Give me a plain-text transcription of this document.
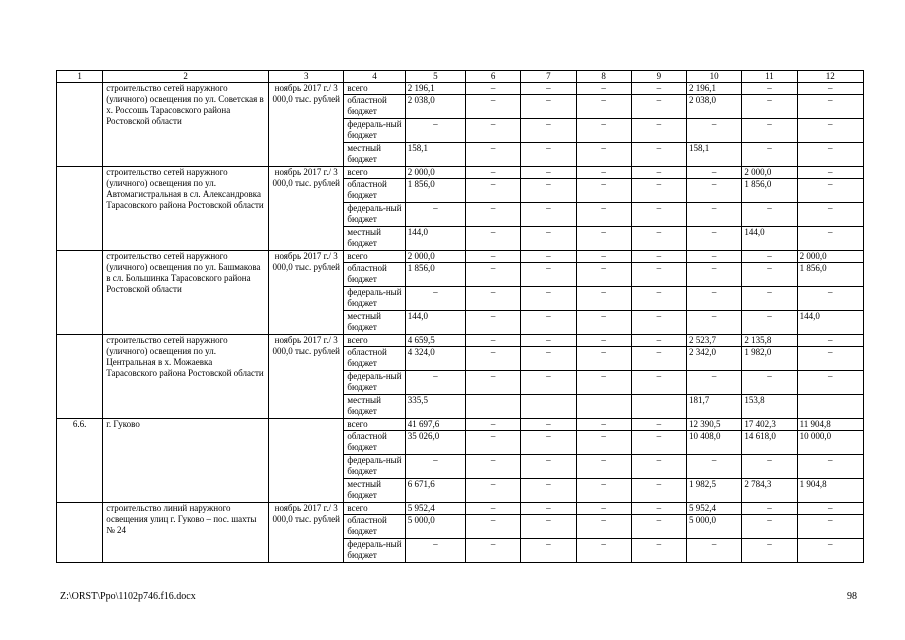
1	2	3	4	5	6	7	8	9	10	11	12
	строительство сетей наружного (уличного) освещения по ул. Советская в х. Россошь Тарасовского района Ростовской области	ноябрь 2017 г./ 3 000,0 тыс. рублей	всего	2 196,1	–	–	–	–	2 196,1	–	–
			областной бюджет	2 038,0	–	–	–	–	2 038,0	–	–
			федераль-ный бюджет	–	–	–	–	–	–	–	–
			местный бюджет	158,1	–	–	–	–	158,1	–	–
	строительство сетей наружного (уличного) освещения по ул. Автомагистральная в сл. Александровка Тарасовского района Ростовской области	ноябрь 2017 г./ 3 000,0 тыс. рублей	всего	2 000,0	–	–	–	–	–	2 000,0	–
			областной бюджет	1 856,0	–	–	–	–	–	1 856,0	–
			федераль-ный бюджет	–	–	–	–	–	–	–	–
			местный бюджет	144,0	–	–	–	–	–	144,0	–
	строительство сетей наружного (уличного) освещения по ул. Башмакова в сл. Большинка Тарасовского района Ростовской области	ноябрь 2017 г./ 3 000,0 тыс. рублей	всего	2 000,0	–	–	–	–	–	–	2 000,0
			областной бюджет	1 856,0	–	–	–	–	–	–	1 856,0
			федераль-ный бюджет	–	–	–	–	–	–	–	–
			местный бюджет	144,0	–	–	–	–	–	–	144,0
	строительство сетей наружного (уличного) освещения по ул. Центральная в х. Можаевка Тарасовского района Ростовской области	ноябрь 2017 г./ 3 000,0 тыс. рублей	всего	4 659,5	–	–	–	–	2 523,7	2 135,8	–
			областной бюджет	4 324,0	–	–	–	–	2 342,0	1 982,0	–
			федераль-ный бюджет	–	–	–	–	–	–	–	–
			местный бюджет	335,5					181,7	153,8	
6.6.	г. Гуково		всего	41 697,6	–	–	–	–	12 390,5	17 402,3	11 904,8
			областной бюджет	35 026,0	–	–	–	–	10 408,0	14 618,0	10 000,0
			федераль-ный бюджет	–	–	–	–	–	–	–	–
			местный бюджет	6 671,6	–	–	–	–	1 982,5	2 784,3	1 904,8
	строительство линий наружного освещения улиц г. Гуково – пос. шахты № 24	ноябрь 2017 г./ 3 000,0 тыс. рублей	всего	5 952,4	–	–	–	–	5 952,4	–	–
			областной бюджет	5 000,0	–	–	–	–	5 000,0	–	–
			федераль-ный бюджет	–	–	–	–	–	–	–	–
Z:\ORST\Ppo\1102p746.f16.docx	98
